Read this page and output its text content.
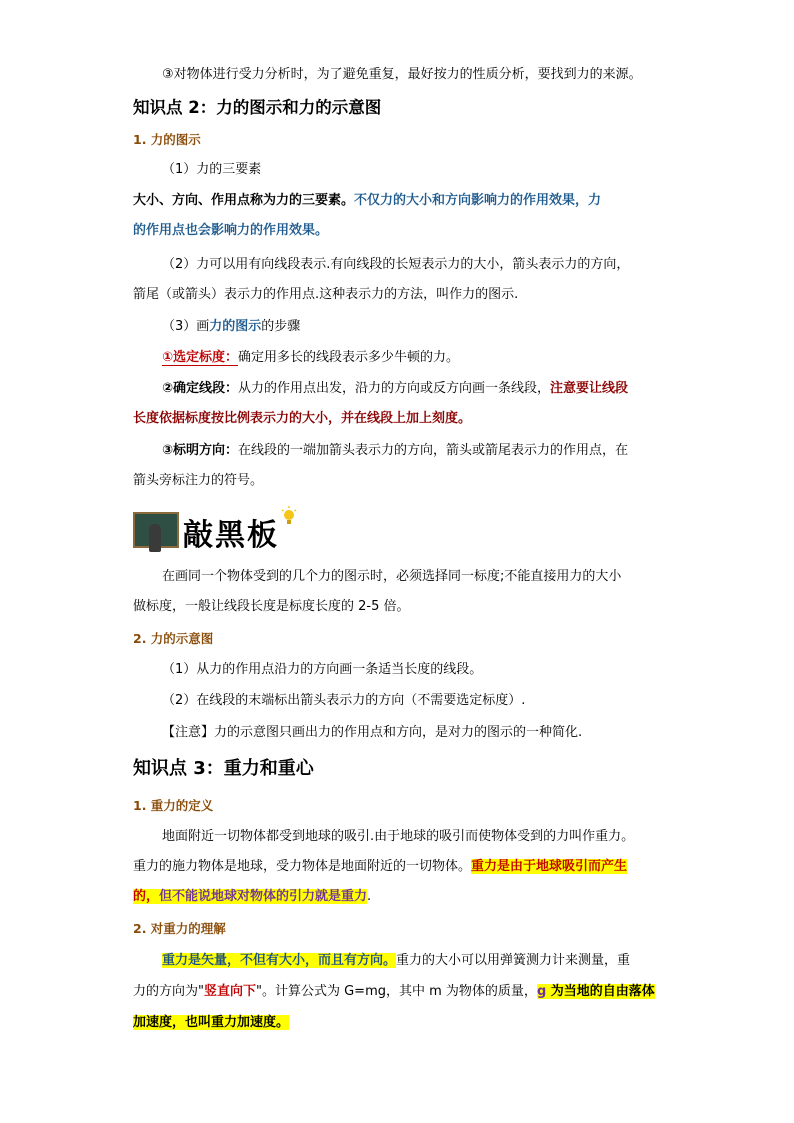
③对物体进行受力分析时，为了避免重复，最好按力的性质分析，要找到力的来源。
知识点 2：力的图示和力的示意图
1. 力的图示
（1）力的三要素
大小、方向、作用点称为力的三要素。不仅力的大小和方向影响力的作用效果，力
的作用点也会影响力的作用效果。
（2）力可以用有向线段表示.有向线段的长短表示力的大小，箭头表示力的方向，
箭尾（或箭头）表示力的作用点.这种表示力的方法，叫作力的图示.
（3）画力的图示的步骤
①选定标度：确定用多长的线段表示多少牛顿的力。
②确定线段：从力的作用点出发，沿力的方向或反方向画一条线段，注意要让线段
长度依据标度按比例表示力的大小，并在线段上加上刻度。
③标明方向：在线段的一端加箭头表示力的方向，箭头或箭尾表示力的作用点，在
箭头旁标注力的符号。
敲黑板
在画同一个物体受到的几个力的图示时，必须选择同一标度;不能直接用力的大小
做标度，一般让线段长度是标度长度的 2-5 倍。
2. 力的示意图
（1）从力的作用点沿力的方向画一条适当长度的线段。
（2）在线段的末端标出箭头表示力的方向（不需要选定标度）.
【注意】力的示意图只画出力的作用点和方向，是对力的图示的一种简化.
知识点 3：重力和重心
1. 重力的定义
地面附近一切物体都受到地球的吸引.由于地球的吸引而使物体受到的力叫作重力。
重力的施力物体是地球，受力物体是地面附近的一切物体。重力是由于地球吸引而产生
的，但不能说地球对物体的引力就是重力.
2. 对重力的理解
重力是矢量，不但有大小，而且有方向。重力的大小可以用弹簧测力计来测量，重
力的方向为"竖直向下"。计算公式为 G=mg，其中 m 为物体的质量，g 为当地的自由落体
加速度，也叫重力加速度。
